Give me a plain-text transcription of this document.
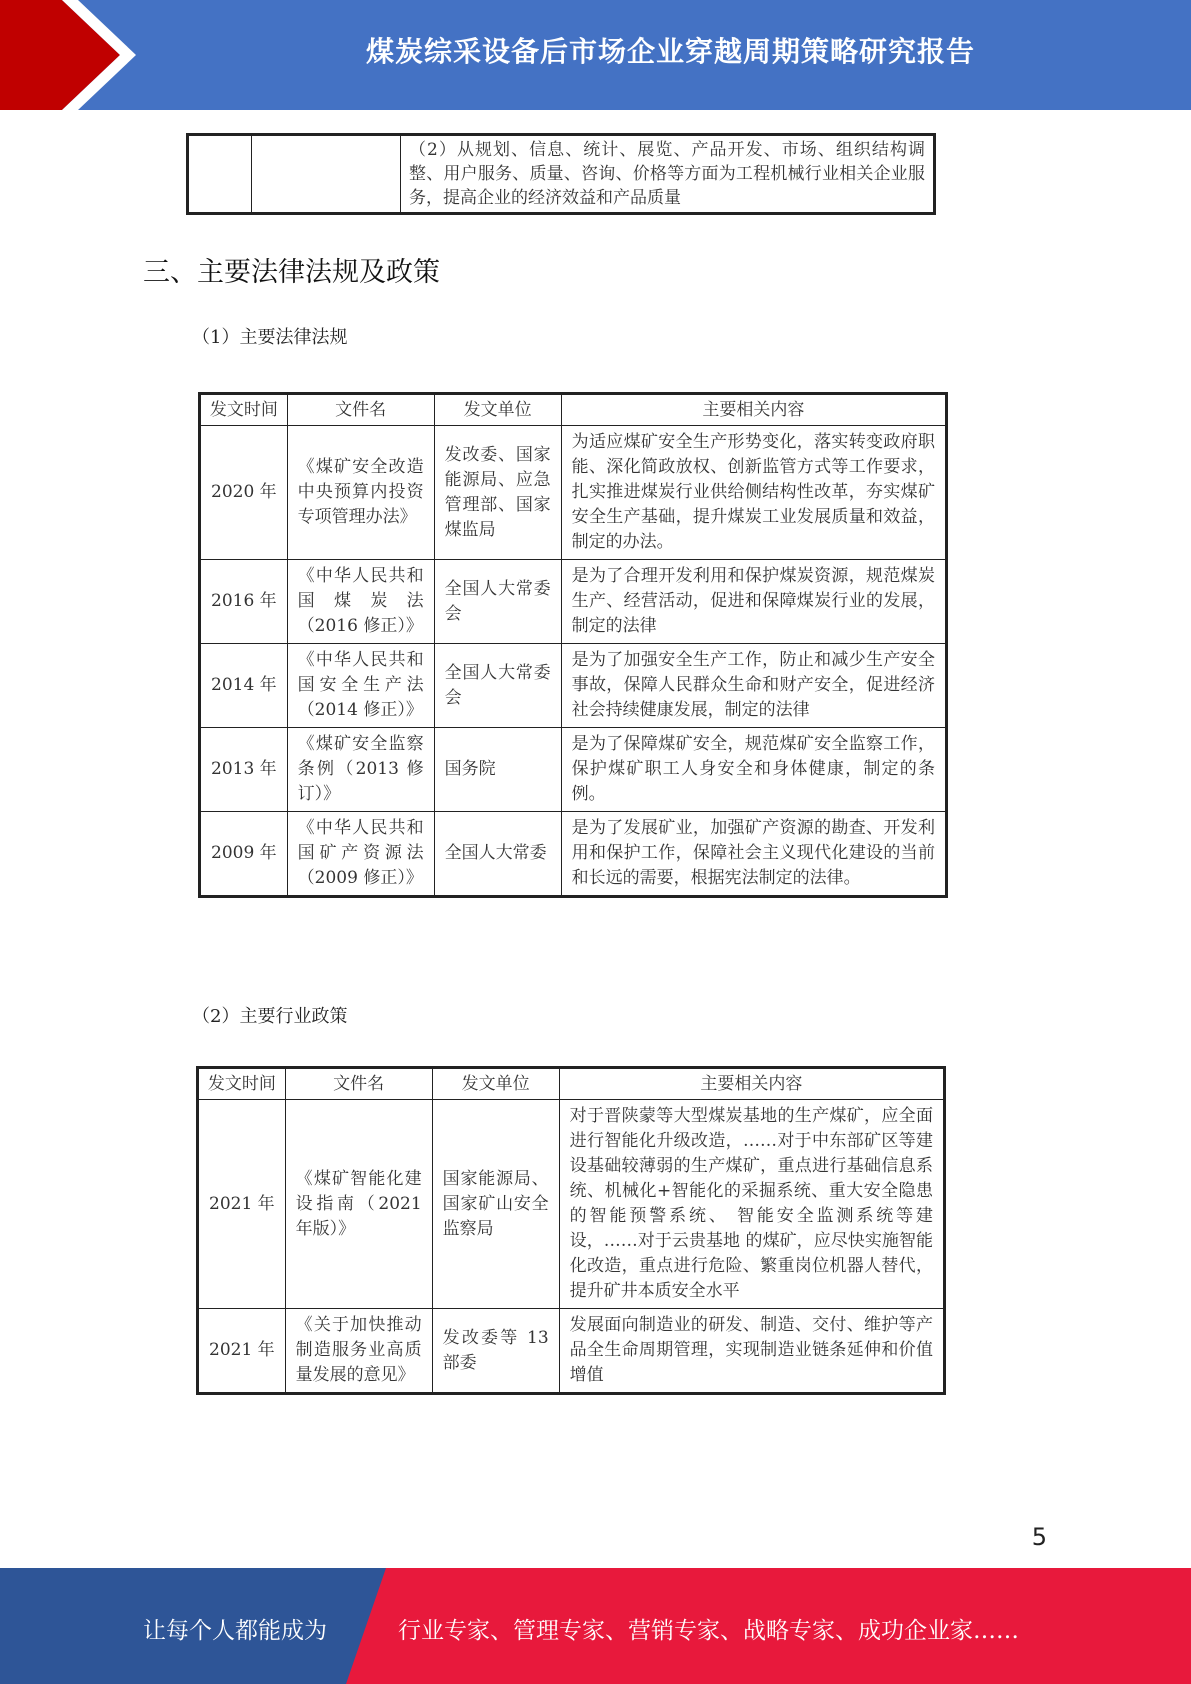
煤炭综采设备后市场企业穿越周期策略研究报告
		（2）从规划、信息、统计、展览、产品开发、市场、组织结构调整、用户服务、质量、咨询、价格等方面为工程机械行业相关企业服务，提高企业的经济效益和产品质量
三、主要法律法规及政策
（1）主要法律法规
发文时间	文件名	发文单位	主要相关内容
2020 年	《煤矿安全改造中央预算内投资专项管理办法》	发改委、国家能源局、应急管理部、国家煤监局	为适应煤矿安全生产形势变化，落实转变政府职能、深化简政放权、创新监管方式等工作要求，扎实推进煤炭行业供给侧结构性改革，夯实煤矿安全生产基础，提升煤炭工业发展质量和效益，制定的办法。
2016 年	《中华人民共和国煤炭法（2016 修正）》	全国人大常委会	是为了合理开发利用和保护煤炭资源，规范煤炭生产、经营活动，促进和保障煤炭行业的发展，制定的法律
2014 年	《中华人民共和国安全生产法（2014 修正）》	全国人大常委会	是为了加强安全生产工作，防止和减少生产安全事故，保障人民群众生命和财产安全，促进经济社会持续健康发展，制定的法律
2013 年	《煤矿安全监察条例（2013 修订）》	国务院	是为了保障煤矿安全，规范煤矿安全监察工作，保护煤矿职工人身安全和身体健康，制定的条例。
2009 年	《中华人民共和国矿产资源法（2009 修正）》	全国人大常委	是为了发展矿业，加强矿产资源的勘查、开发利用和保护工作，保障社会主义现代化建设的当前和长远的需要，根据宪法制定的法律。
（2）主要行业政策
发文时间	文件名	发文单位	主要相关内容
2021 年	《煤矿智能化建设指南（2021 年版）》	国家能源局、国家矿山安全监察局	对于晋陕蒙等大型煤炭基地的生产煤矿，应全面进行智能化升级改造，……对于中东部矿区等建设基础较薄弱的生产煤矿，重点进行基础信息系统、机械化+智能化的采掘系统、重大安全隐患的智能预警系统、 智能安全监测系统等建设，……对于云贵基地 的煤矿，应尽快实施智能化改造，重点进行危险、繁重岗位机器人替代，提升矿井本质安全水平
2021 年	《关于加快推动制造服务业高质量发展的意见》	发改委等 13 部委	发展面向制造业的研发、制造、交付、维护等产品全生命周期管理，实现制造业链条延伸和价值增值
5
让每个人都能成为	行业专家、管理专家、营销专家、战略专家、成功企业家……
